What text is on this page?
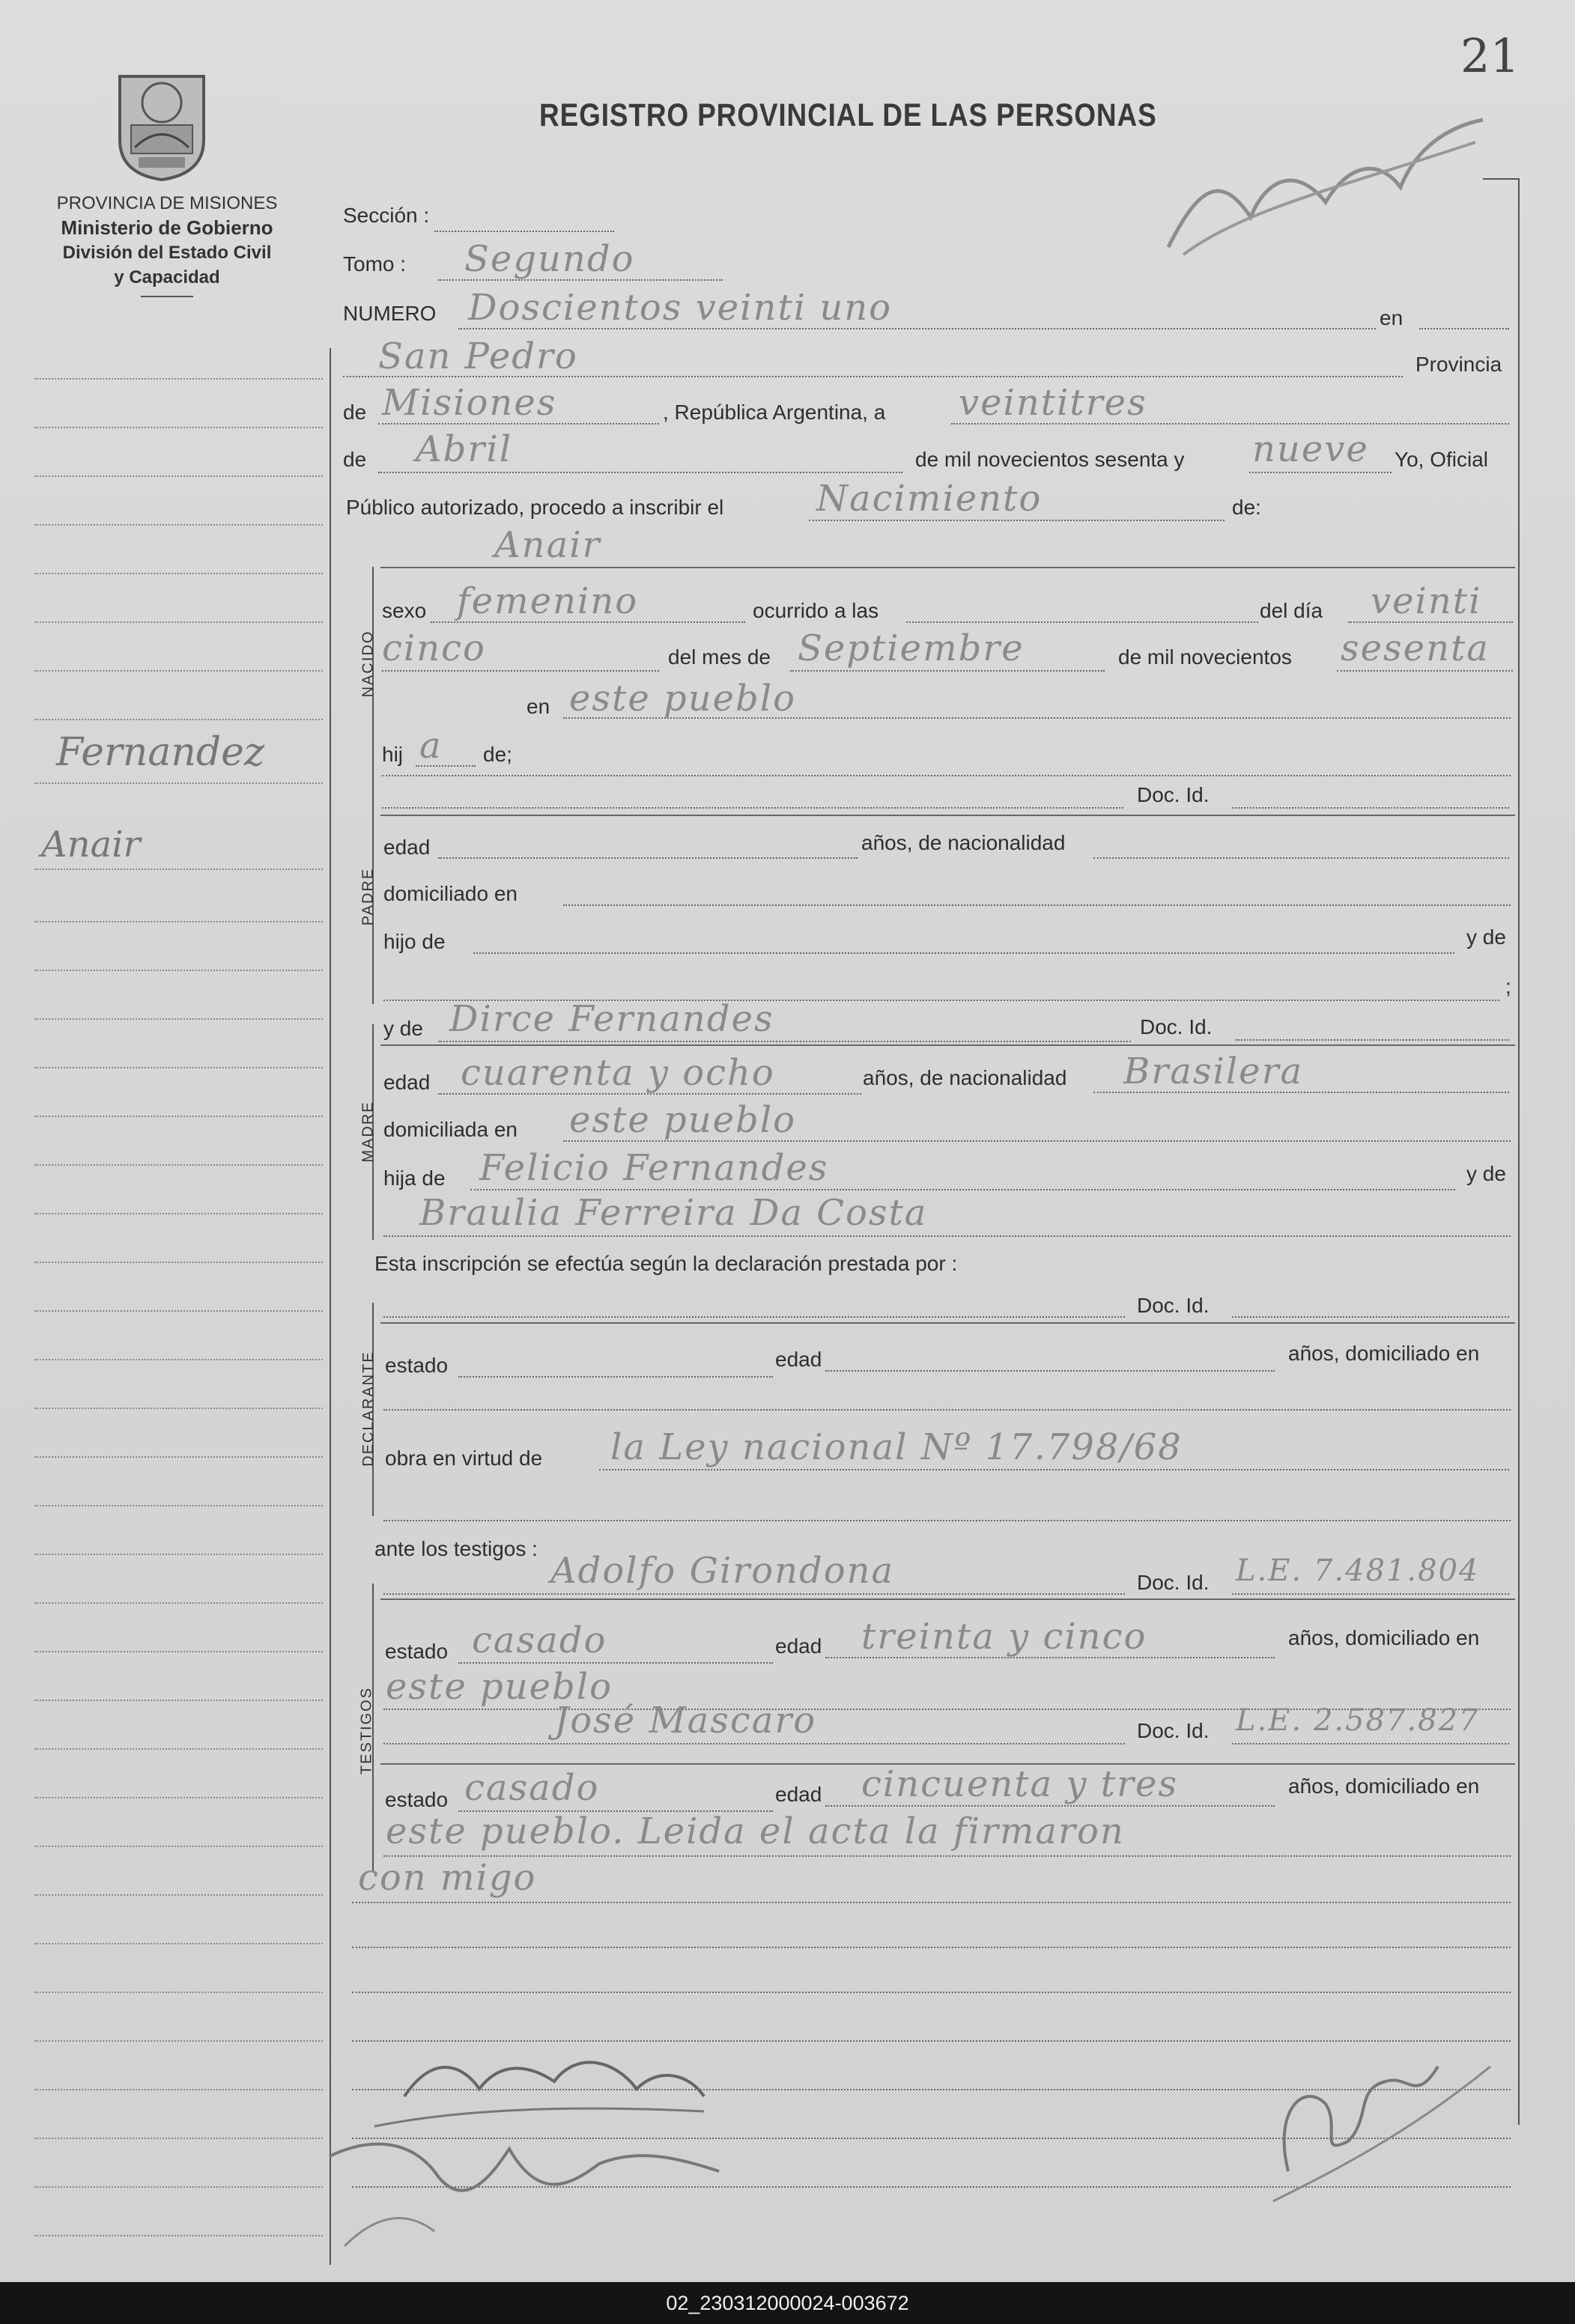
21
REGISTRO PROVINCIAL DE LAS PERSONAS
PROVINCIA DE MISIONES
Ministerio de Gobierno
División del Estado Civil
y Capacidad
Fernandez
Anair
Sección :
Tomo : Segundo
NUMERO Doscientos veinti uno	en
San Pedro	Provincia
de Misiones	, República Argentina, a veintitres
de Abril	de mil novecientos sesenta y nueve Yo, Oficial
Público autorizado, procedo a inscribir el	Nacimiento	de:
Anair
NACIDO
sexo femenino	ocurrido a las	del día veinti
cinco	del mes de Septiembre	de mil novecientos sesenta
en este pueblo
hij a de;
Doc. Id.
PADRE
edad	años, de nacionalidad
domiciliado en
hijo de	y de
;
y de Dirce Fernandes	Doc. Id.
MADRE
edad cuarenta y ocho	años, de nacionalidad Brasilera
domiciliada en este pueblo
hija de Felicio Fernandes	y de
Braulia Ferreira Da Costa
Esta inscripción se efectúa según la declaración prestada por :
Doc. Id.
DECLARANTE estado	edad	años, domiciliado en
obra en virtud de la Ley nacional Nº 17.798/68
ante los testigos :
Adolfo Girondona	Doc. Id. L.E. 7.481.804
TESTIGOS
estado casado	edad treinta y cinco	años, domiciliado en
este pueblo
José Mascaro	Doc. Id. L.E. 2.587.827
estado casado	edad cincuenta y tres	años, domiciliado en
este pueblo. Leida el acta la firmaron
con migo
02_230312000024-003672
